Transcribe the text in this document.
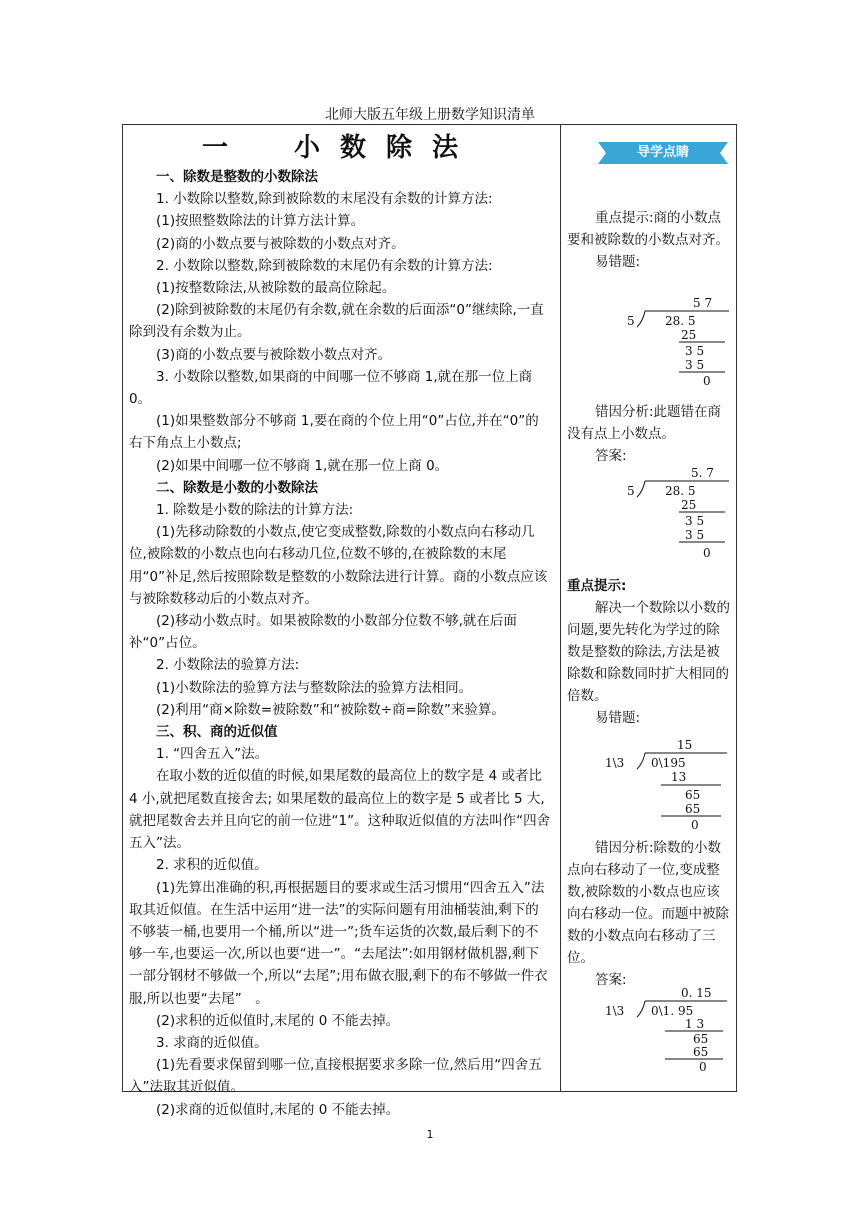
北师大版五年级上册数学知识清单
一　小数除法

一、除数是整数的小数除法

1. 小数除以整数,除到被除数的末尾没有余数的计算方法:

(1)按照整数除法的计算方法计算。

(2)商的小数点要与被除数的小数点对齐。

2. 小数除以整数,除到被除数的末尾仍有余数的计算方法:

(1)按整数除法,从被除数的最高位除起。

(2)除到被除数的末尾仍有余数,就在余数的后面添“0”继续除,一直除到没有余数为止。

(3)商的小数点要与被除数小数点对齐。

3. 小数除以整数,如果商的中间哪一位不够商 1,就在那一位上商 0。

(1)如果整数部分不够商 1,要在商的个位上用“0”占位,并在“0”的右下角点上小数点;

(2)如果中间哪一位不够商 1,就在那一位上商 0。

二、除数是小数的小数除法

1. 除数是小数的除法的计算方法:

(1)先移动除数的小数点,使它变成整数,除数的小数点向右移动几位,被除数的小数点也向右移动几位,位数不够的,在被除数的末尾用“0”补足,然后按照除数是整数的小数除法进行计算。商的小数点应该与被除数移动后的小数点对齐。

(2)移动小数点时。如果被除数的小数部分位数不够,就在后面补“0”占位。

2. 小数除法的验算方法:

(1)小数除法的验算方法与整数除法的验算方法相同。

(2)利用“商×除数=被除数”和“被除数÷商=除数”来验算。

三、积、商的近似值

1. “四舍五入”法。

在取小数的近似值的时候,如果尾数的最高位上的数字是 4 或者比 4 小,就把尾数直接舍去; 如果尾数的最高位上的数字是 5 或者比 5 大,就把尾数舍去并且向它的前一位进“1”。这种取近似值的方法叫作“四舍五入”法。

2. 求积的近似值。

(1)先算出准确的积,再根据题目的要求或生活习惯用“四舍五入”法取其近似值。在生活中运用“进一法”的实际问题有用油桶装油,剩下的不够装一桶,也要用一个桶,所以“进一”;货车运货的次数,最后剩下的不够一车,也要运一次,所以也要“进一”。“去尾法”:如用钢材做机器,剩下一部分钢材不够做一个,所以“去尾”;用布做衣服,剩下的布不够做一件衣服,所以也要“去尾”　。

(2)求积的近似值时,末尾的 0 不能去掉。

3. 求商的近似值。

(1)先看要求保留到哪一位,直接根据要求多除一位,然后用“四舍五入”法取其近似值。

(2)求商的近似值时,末尾的 0 不能去掉。

导学点睛

重点提示:商的小数点要和被除数的小数点对齐。

易错题:

5 7
5	28. 5
25
3 5
3 5
0

错因分析:此题错在商没有点上小数点。

答案:

5. 7
5	28. 5
25
3 5
3 5
0

重点提示:

解决一个数除以小数的问题,要先转化为学过的除数是整数的除法,方法是被除数和除数同时扩大相同的倍数。

易错题:

15
1\3 0\195
13
65
65
0

错因分析:除数的小数点向右移动了一位,变成整数,被除数的小数点也应该向右移动一位。而题中被除数的小数点向右移动了三位。

答案:

0. 15
1\3 0\1. 95
1 3
65
65
0
1
